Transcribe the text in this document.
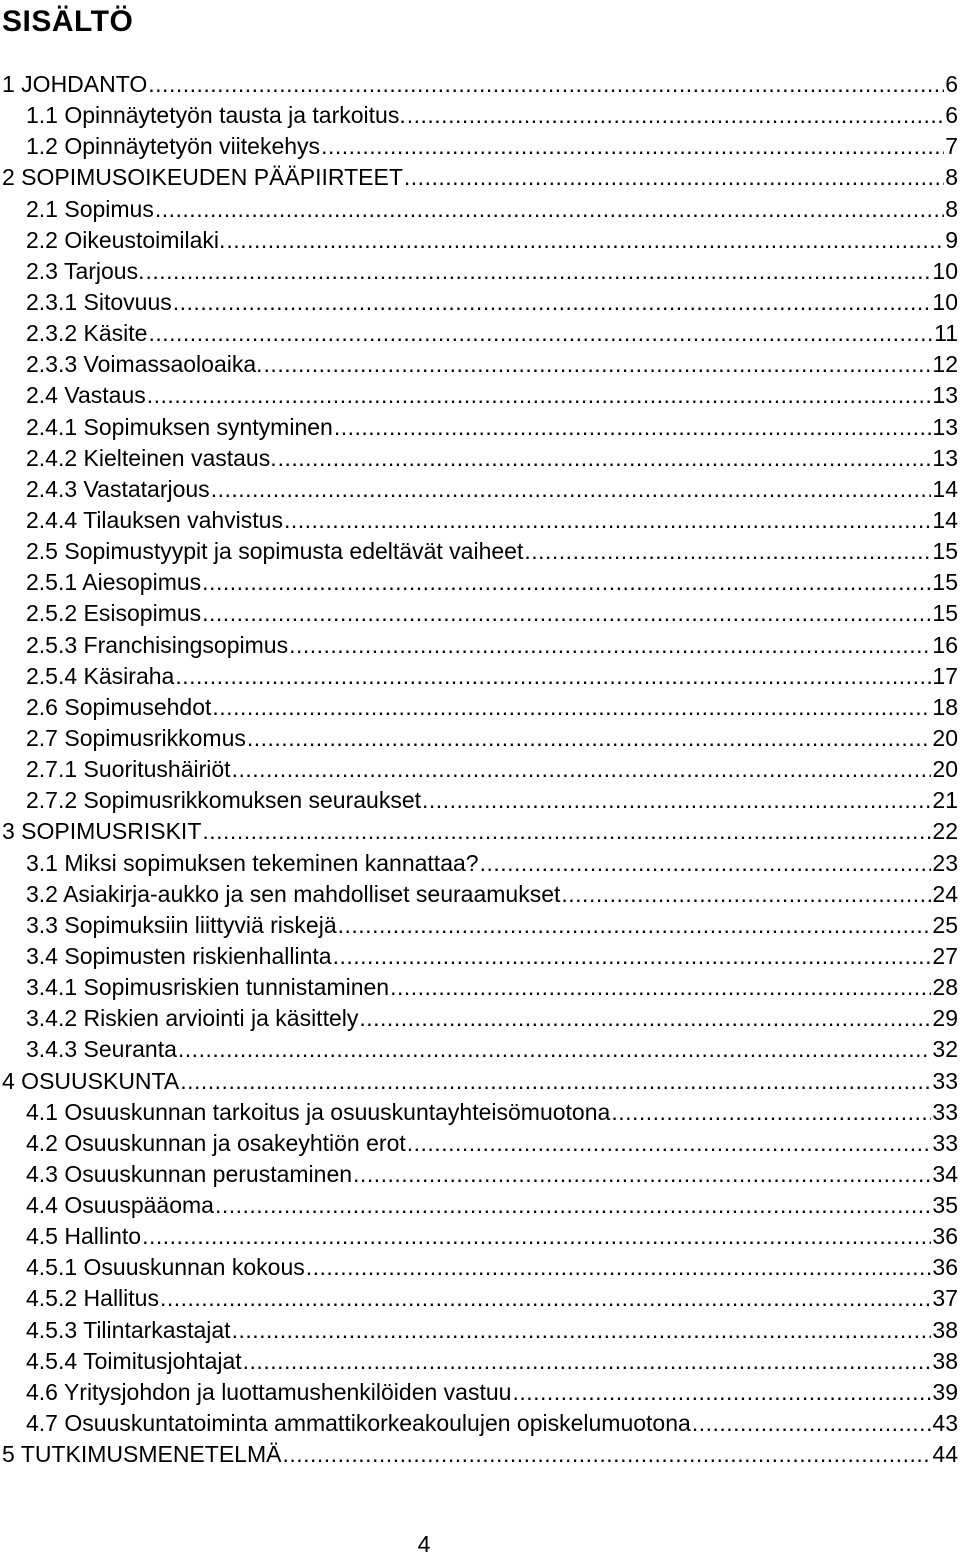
SISÄLTÖ
1 JOHDANTO .....	6
1.1 Opinnäytetyön tausta ja tarkoitus. .....	6
1.2 Opinnäytetyön viitekehys .....	7
2 SOPIMUSOIKEUDEN PÄÄPIIRTEET .....	8
2.1 Sopimus .....	8
2.2 Oikeustoimilaki. .....	9
2.3 Tarjous. .....	10
2.3.1 Sitovuus .....	10
2.3.2 Käsite .....	11
2.3.3 Voimassaoloaika. .....	12
2.4 Vastaus .....	13
2.4.1 Sopimuksen syntyminen .....	13
2.4.2 Kielteinen vastaus. .....	13
2.4.3 Vastatarjous .....	14
2.4.4 Tilauksen vahvistus .....	14
2.5 Sopimustyypit ja sopimusta edeltävät vaiheet .....	15
2.5.1 Aiesopimus .....	15
2.5.2 Esisopimus .....	15
2.5.3 Franchisingsopimus .....	16
2.5.4 Käsiraha .....	17
2.6 Sopimusehdot .....	18
2.7 Sopimusrikkomus .....	20
2.7.1 Suoritushäiriöt .....	20
2.7.2 Sopimusrikkomuksen seuraukset .....	21
3 SOPIMUSRISKIT .....	22
3.1 Miksi sopimuksen tekeminen kannattaa? .....	23
3.2 Asiakirja-aukko ja sen mahdolliset seuraamukset .....	24
3.3 Sopimuksiin liittyviä riskejä .....	25
3.4 Sopimusten riskienhallinta .....	27
3.4.1 Sopimusriskien tunnistaminen .....	28
3.4.2 Riskien arviointi ja käsittely .....	29
3.4.3 Seuranta .....	32
4 OSUUSKUNTA .....	33
4.1 Osuuskunnan tarkoitus ja osuuskuntayhteisömuotona .....	33
4.2 Osuuskunnan ja osakeyhtiön erot .....	33
4.3 Osuuskunnan perustaminen .....	34
4.4 Osuuspääoma .....	35
4.5 Hallinto .....	36
4.5.1 Osuuskunnan kokous .....	36
4.5.2 Hallitus .....	37
4.5.3 Tilintarkastajat .....	38
4.5.4 Toimitusjohtajat .....	38
4.6 Yritysjohdon ja luottamushenkilöiden vastuu .....	39
4.7 Osuuskuntatoiminta ammattikorkeakoulujen opiskelumuotona .....	43
5 TUTKIMUSMENETELMÄ .....	44
4
